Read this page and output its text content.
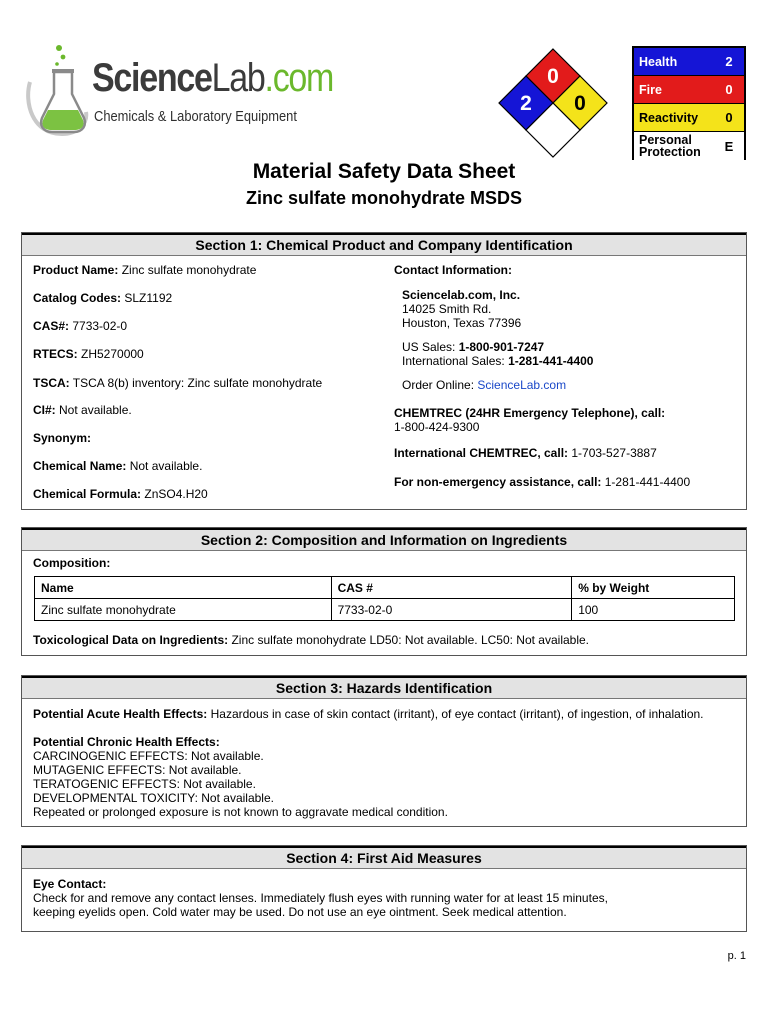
ScienceLab.com
Chemicals & Laboratory Equipment
0
2 0
Health	2
Fire	0
Reactivity	0
Personal Protection	E
Material Safety Data Sheet
Zinc sulfate monohydrate MSDS
Section 1: Chemical Product and Company Identification
Product Name: Zinc sulfate monohydrate
Catalog Codes: SLZ1192
CAS#: 7733-02-0
RTECS: ZH5270000
TSCA: TSCA 8(b) inventory: Zinc sulfate monohydrate
CI#: Not available.
Synonym:
Chemical Name: Not available.
Chemical Formula: ZnSO4.H20
Contact Information:
Sciencelab.com, Inc.
14025 Smith Rd.
Houston, Texas 77396
US Sales: 1-800-901-7247
International Sales: 1-281-441-4400
Order Online: ScienceLab.com
CHEMTREC (24HR Emergency Telephone), call:
1-800-424-9300
International CHEMTREC, call: 1-703-527-3887
For non-emergency assistance, call: 1-281-441-4400
Section 2: Composition and Information on Ingredients
Composition:
Name	CAS #	% by Weight
Zinc sulfate monohydrate	7733-02-0	100
Toxicological Data on Ingredients: Zinc sulfate monohydrate LD50: Not available. LC50: Not available.
Section 3: Hazards Identification
Potential Acute Health Effects: Hazardous in case of skin contact (irritant), of eye contact (irritant), of ingestion, of inhalation.
Potential Chronic Health Effects:
CARCINOGENIC EFFECTS: Not available.
MUTAGENIC EFFECTS: Not available.
TERATOGENIC EFFECTS: Not available.
DEVELOPMENTAL TOXICITY: Not available.
Repeated or prolonged exposure is not known to aggravate medical condition.
Section 4: First Aid Measures
Eye Contact:
Check for and remove any contact lenses. Immediately flush eyes with running water for at least 15 minutes,
keeping eyelids open. Cold water may be used. Do not use an eye ointment. Seek medical attention.
p. 1
